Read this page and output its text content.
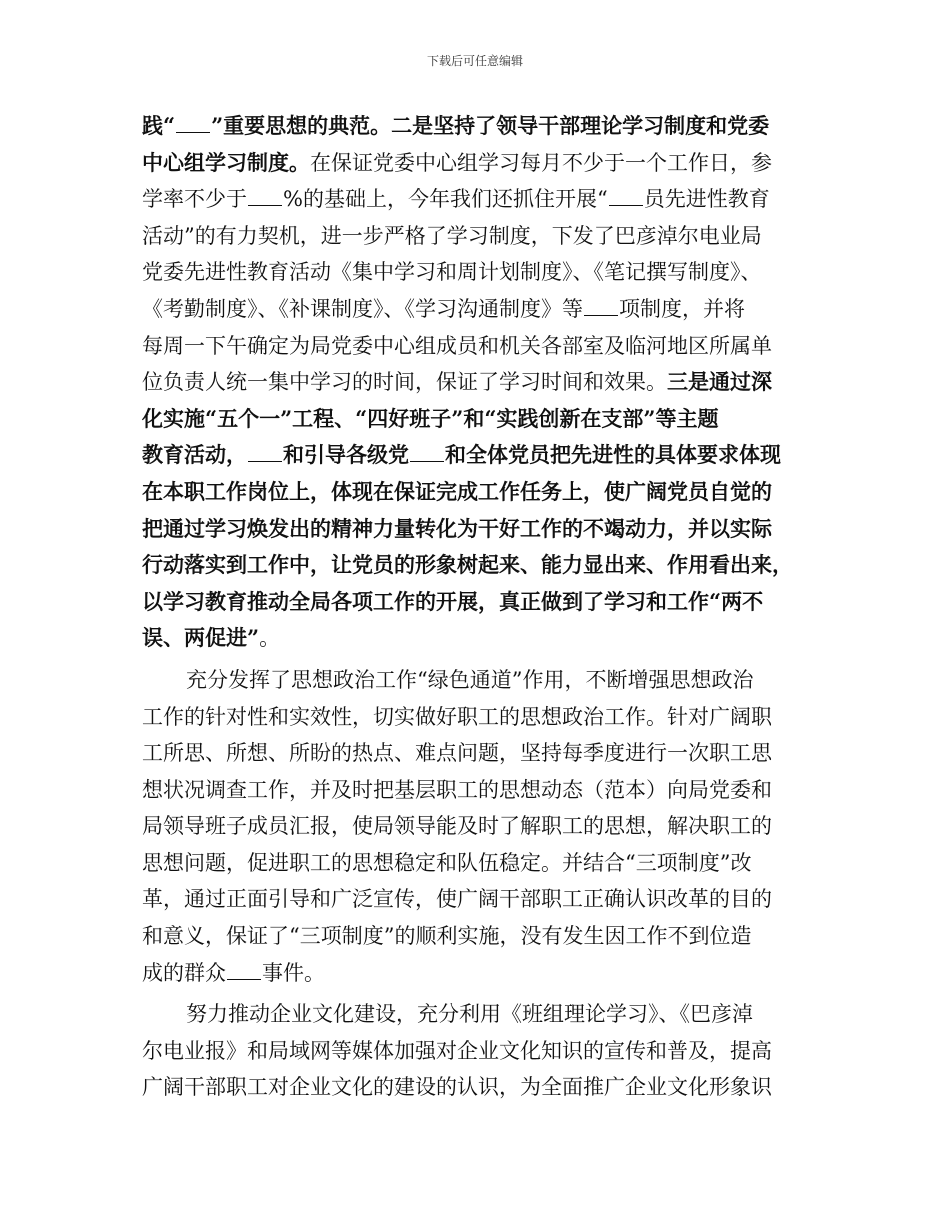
下载后可任意编辑
践“ ”重要思想的典范。二是坚持了领导干部理论学习制度和党委
中心组学习制度。在保证党委中心组学习每月不少于一个工作日，参
学率不少于 %的基础上，今年我们还抓住开展“ 员先进性教育
活动”的有力契机，进一步严格了学习制度，下发了巴彦淖尔电业局
党委先进性教育活动《集中学习和周计划制度》、《笔记撰写制度》、
《考勤制度》、《补课制度》、《学习沟通制度》等 项制度，并将
每周一下午确定为局党委中心组成员和机关各部室及临河地区所属单
位负责人统一集中学习的时间，保证了学习时间和效果。三是通过深
化实施“五个一”工程、“四好班子”和“实践创新在支部”等主题
教育活动， 和引导各级党 和全体党员把先进性的具体要求体现
在本职工作岗位上，体现在保证完成工作任务上，使广阔党员自觉的
把通过学习焕发出的精神力量转化为干好工作的不竭动力，并以实际
行动落实到工作中，让党员的形象树起来、能力显出来、作用看出来，
以学习教育推动全局各项工作的开展，真正做到了学习和工作“两不
误、两促进”。
充分发挥了思想政治工作“绿色通道”作用，不断增强思想政治
工作的针对性和实效性，切实做好职工的思想政治工作。针对广阔职
工所思、所想、所盼的热点、难点问题，坚持每季度进行一次职工思
想状况调查工作，并及时把基层职工的思想动态（范本）向局党委和
局领导班子成员汇报，使局领导能及时了解职工的思想，解决职工的
思想问题，促进职工的思想稳定和队伍稳定。并结合“三项制度”改
革，通过正面引导和广泛宣传，使广阔干部职工正确认识改革的目的
和意义，保证了“三项制度”的顺利实施，没有发生因工作不到位造
成的群众 事件。
努力推动企业文化建设，充分利用《班组理论学习》、《巴彦淖
尔电业报》和局域网等媒体加强对企业文化知识的宣传和普及，提高
广阔干部职工对企业文化的建设的认识，为全面推广企业文化形象识
